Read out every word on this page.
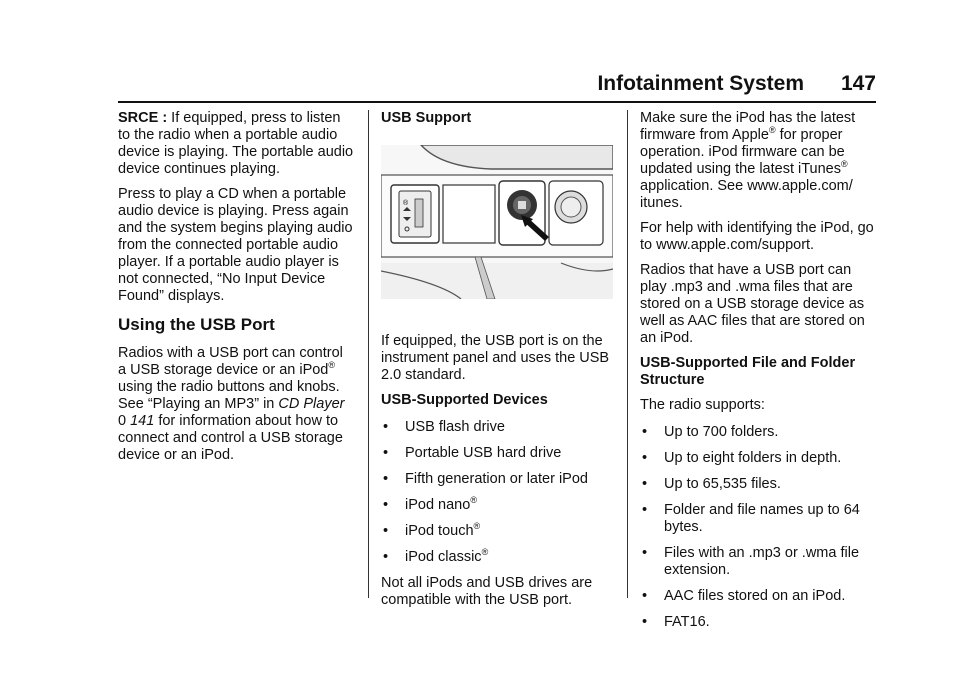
Infotainment System 147

SRCE : If equipped, press to listen to the radio when a portable audio device is playing. The portable audio device continues playing.

Press to play a CD when a portable audio device is playing. Press again and the system begins playing audio from the connected portable audio player. If a portable audio player is not connected, “No Input Device Found” displays.

Using the USB Port

Radios with a USB port can control a USB storage device or an iPod® using the radio buttons and knobs. See “Playing an MP3” in CD Player
0 141 for information about how to connect and control a USB storage device or an iPod.

USB Support

®

If equipped, the USB port is on the instrument panel and uses the USB 2.0 standard.

USB-Supported Devices

•	USB flash drive
•	Portable USB hard drive
•	Fifth generation or later iPod
•	iPod nano®
•	iPod touch®
•	iPod classic®

Not all iPods and USB drives are compatible with the USB port.

Make sure the iPod has the latest firmware from Apple® for proper operation. iPod firmware can be updated using the latest iTunes® application. See www.apple.com/ itunes.

For help with identifying the iPod, go to www.apple.com/support.

Radios that have a USB port can play .mp3 and .wma files that are stored on a USB storage device as well as AAC files that are stored on an iPod.

USB-Supported File and Folder Structure

The radio supports:

•	Up to 700 folders.
•	Up to eight folders in depth.
•	Up to 65,535 files.
•	Folder and file names up to 64 bytes.
•	Files with an .mp3 or .wma file extension.
•	AAC files stored on an iPod.
•	FAT16.
